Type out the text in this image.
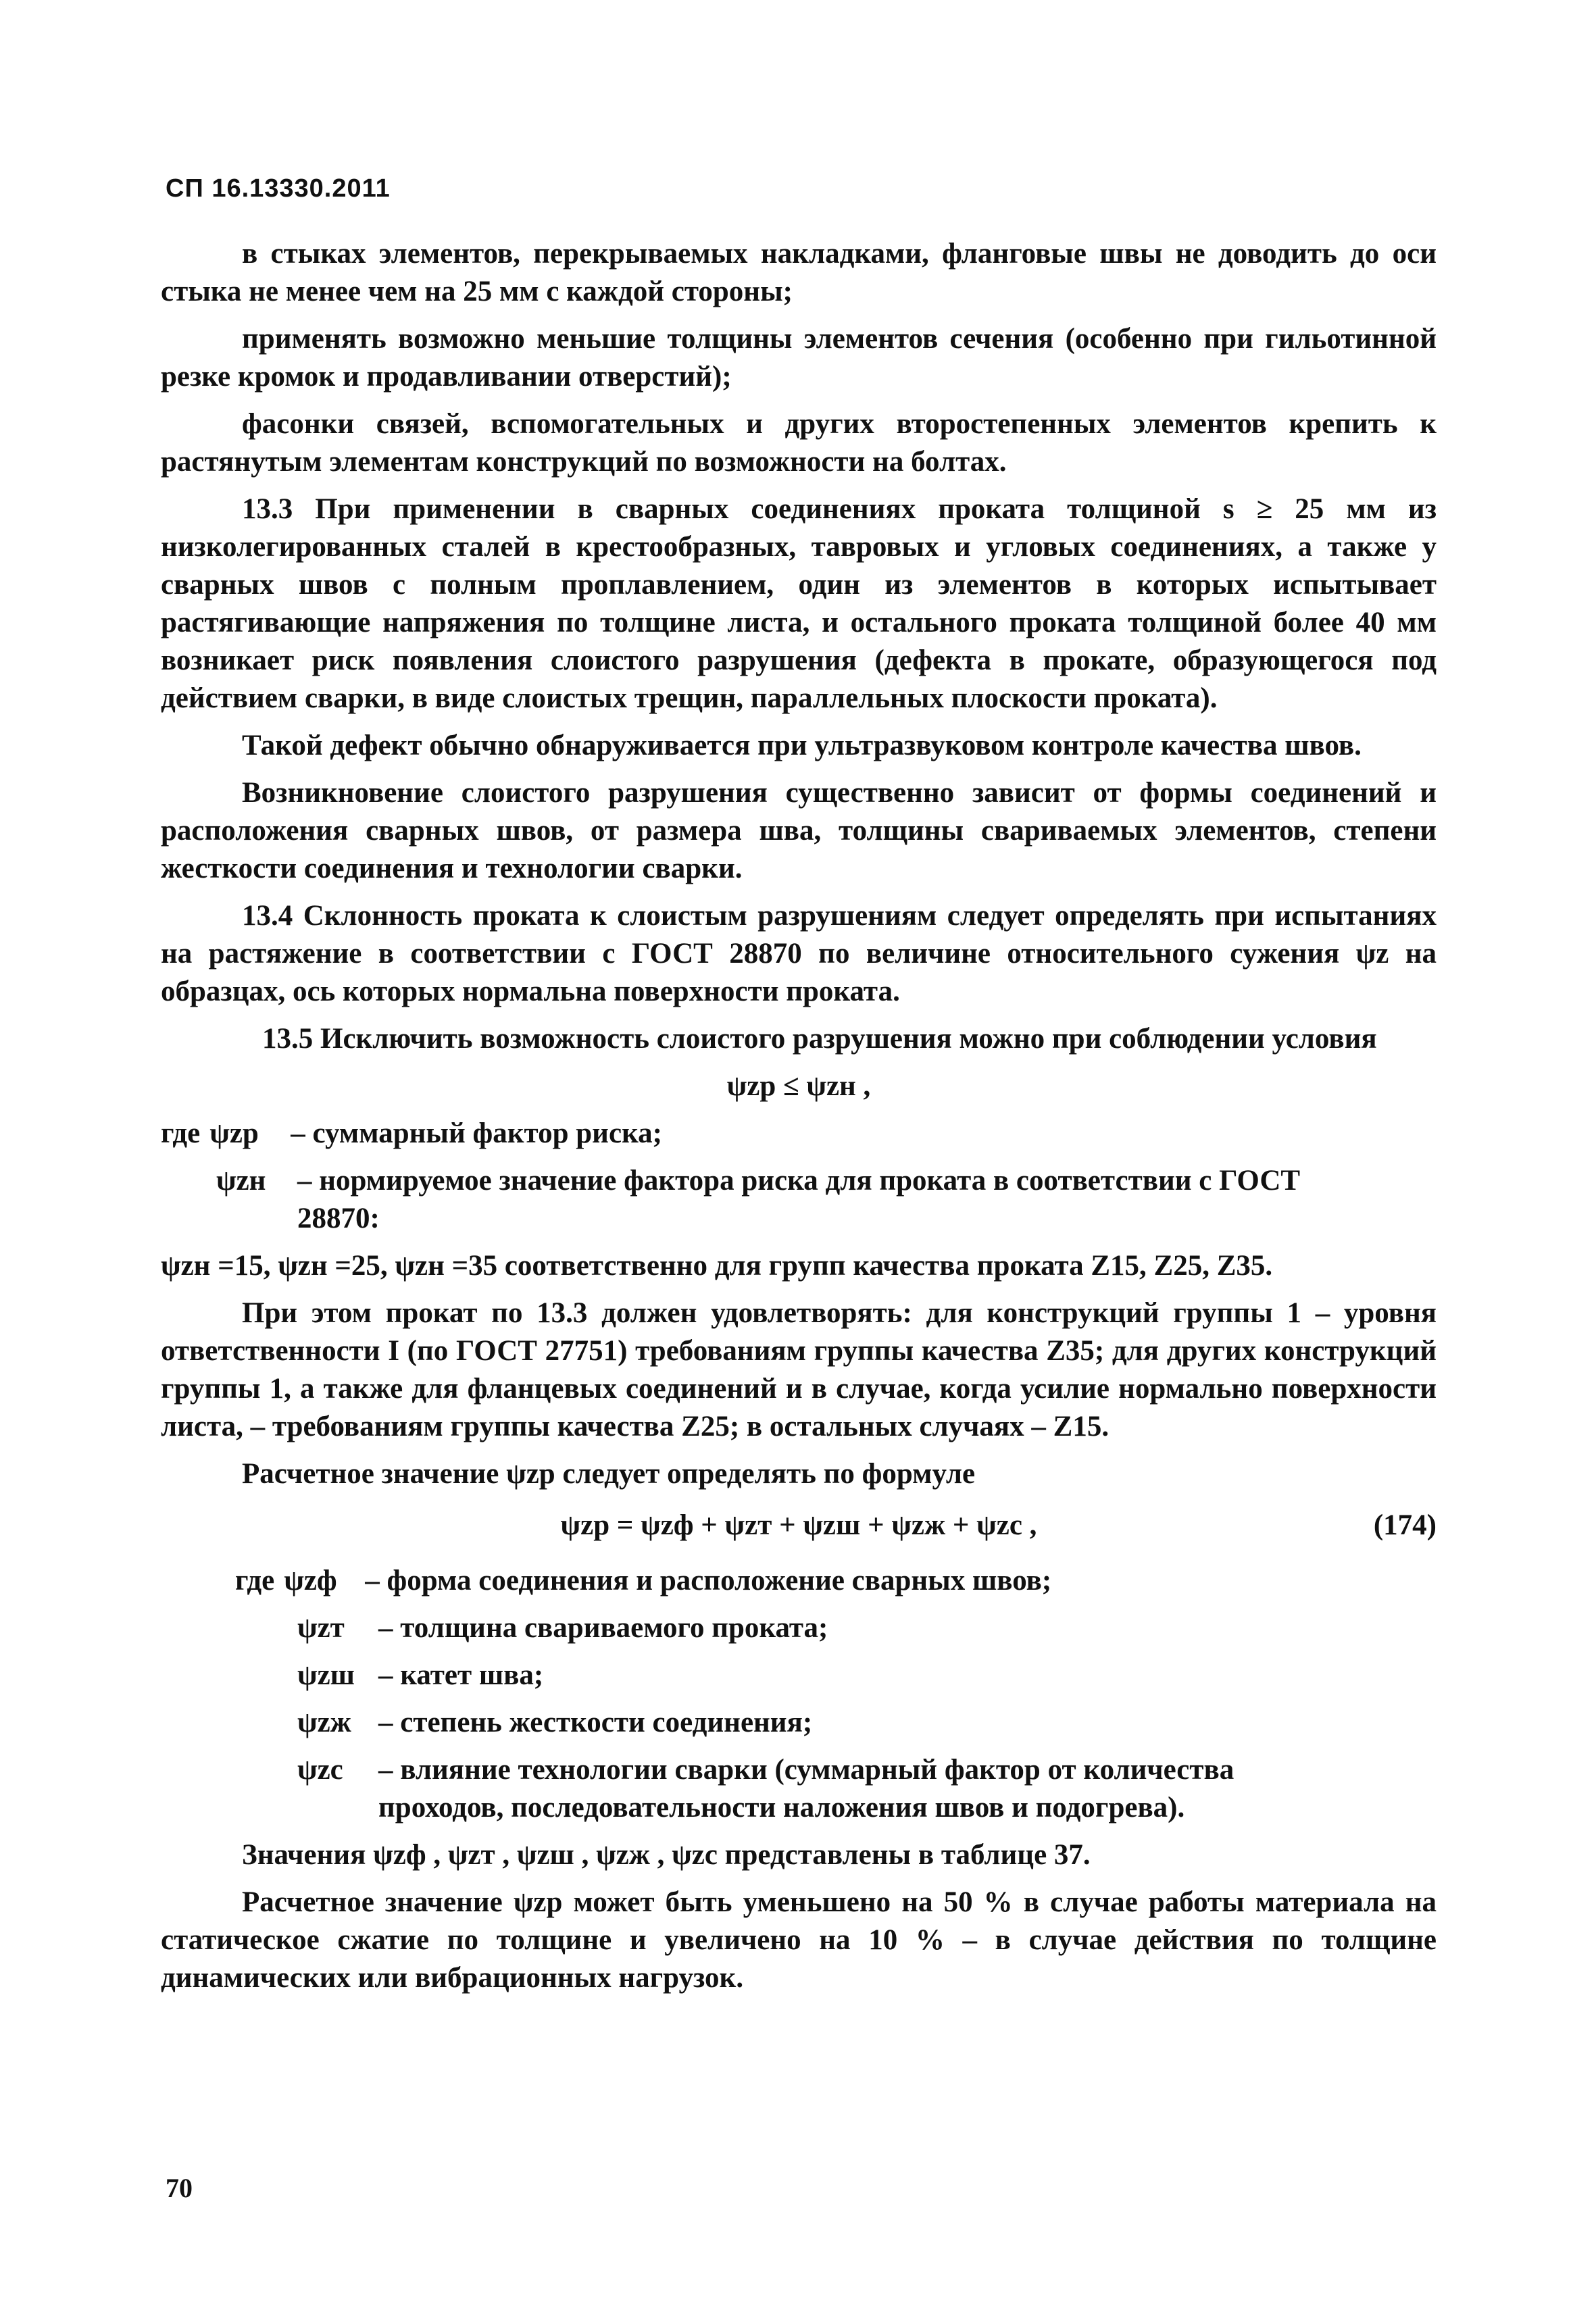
СП 16.13330.2011

в стыках элементов, перекрываемых накладками, фланговые швы не доводить до оси стыка не менее чем на 25 мм с каждой стороны;

применять возможно меньшие толщины элементов сечения (особенно при гильотинной резке кромок и продавливании отверстий);

фасонки связей, вспомогательных и других второстепенных элементов крепить к растянутым элементам конструкций по возможности на болтах.

13.3 При применении в сварных соединениях проката толщиной s ≥ 25 мм из низколегированных сталей в крестообразных, тавровых и угловых соединениях, а также у сварных швов с полным проплавлением, один из элементов в которых испытывает растягивающие напряжения по толщине листа, и остального проката толщиной более 40 мм возникает риск появления слоистого разрушения (дефекта в прокате, образующегося под действием сварки, в виде слоистых трещин, параллельных плоскости проката).

Такой дефект обычно обнаруживается при ультразвуковом контроле качества швов.

Возникновение слоистого разрушения существенно зависит от формы соединений и расположения сварных швов, от размера шва, толщины свариваемых элементов, степени жесткости соединения и технологии сварки.

13.4 Склонность проката к слоистым разрушениям следует определять при испытаниях на растяжение в соответствии с ГОСТ 28870 по величине относительного сужения ψz на образцах, ось которых нормальна поверхности проката.

13.5 Исключить возможность слоистого разрушения можно при соблюдении условия

ψzp ≤ ψzн ,
где ψzp	– суммарный фактор риска;
ψzн	– нормируемое значение фактора риска для проката в соответствии с ГОСТ 28870:

ψzн =15, ψzн =25, ψzн =35 соответственно для групп качества проката Z15, Z25, Z35.

При этом прокат по 13.3 должен удовлетворять: для конструкций группы 1 – уровня ответственности I (по ГОСТ 27751) требованиям группы качества Z35; для других конструкций группы 1, а также для фланцевых соединений и в случае, когда усилие нормально поверхности листа, – требованиям группы качества Z25; в остальных случаях – Z15.

Расчетное значение ψzp следует определять по формуле

ψzp = ψzф + ψzт + ψzш + ψzж + ψzc ,	(174)
где ψzф – форма соединения и расположение сварных швов;
ψzт	– толщина свариваемого проката;
ψzш – катет шва;
ψzж – степень жесткости соединения;
ψzc	– влияние технологии сварки (суммарный фактор от количества проходов, последовательности наложения швов и подогрева).

Значения ψzф , ψzт , ψzш , ψzж , ψzc представлены в таблице 37.

Расчетное значение ψzp может быть уменьшено на 50 % в случае работы материала на статическое сжатие по толщине и увеличено на 10 % – в случае действия по толщине динамических или вибрационных нагрузок.

70
